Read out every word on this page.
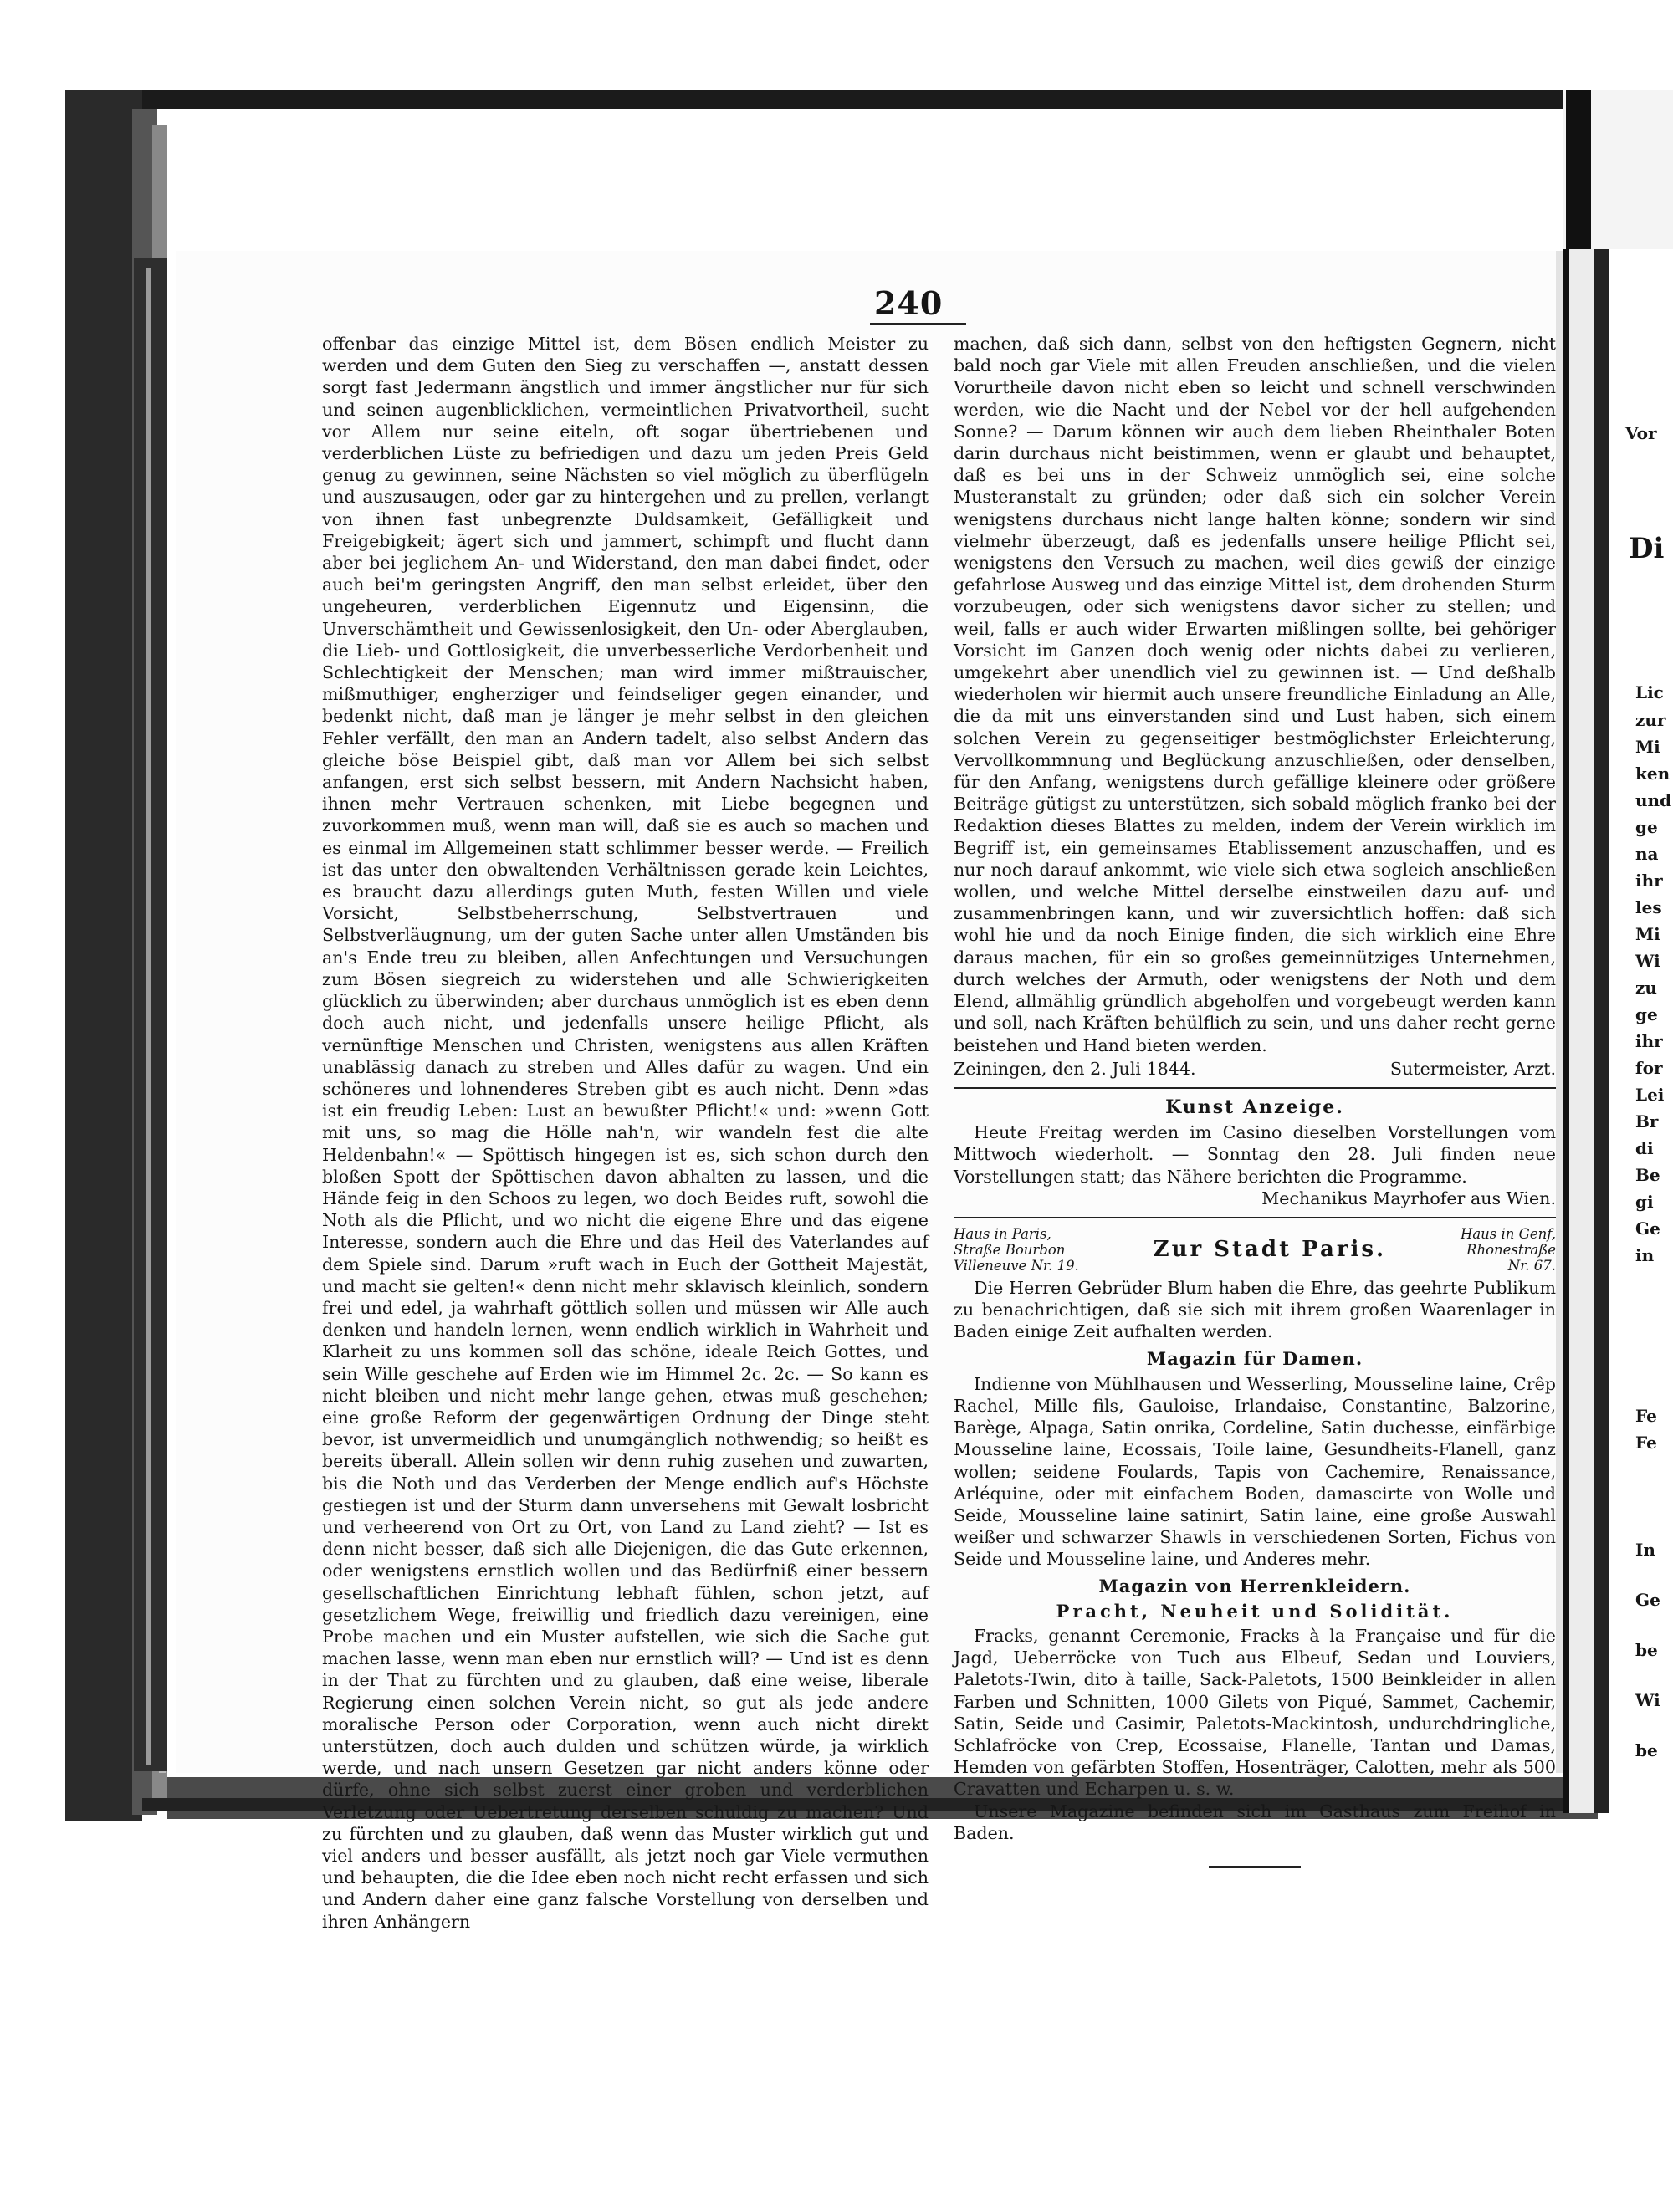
240

offenbar das einzige Mittel ist, dem Bösen endlich Meister zu werden und dem Guten den Sieg zu verschaffen —, anstatt dessen sorgt fast Jedermann ängstlich und immer ängstlicher nur für sich und seinen augenblicklichen, vermeintlichen Privatvortheil, sucht vor Allem nur seine eiteln, oft sogar übertriebenen und verderblichen Lüste zu befriedigen und dazu um jeden Preis Geld genug zu gewinnen, seine Nächsten so viel möglich zu überflügeln und auszusaugen, oder gar zu hintergehen und zu prellen, verlangt von ihnen fast unbegrenzte Duldsamkeit, Gefälligkeit und Freigebigkeit; ägert sich und jammert, schimpft und flucht dann aber bei jeglichem An- und Widerstand, den man dabei findet, oder auch bei'm geringsten Angriff, den man selbst erleidet, über den ungeheuren, verderblichen Eigennutz und Eigensinn, die Unverschämtheit und Gewissenlosigkeit, den Un- oder Aberglauben, die Lieb- und Gottlosigkeit, die unverbesserliche Verdorbenheit und Schlechtigkeit der Menschen; man wird immer mißtrauischer, mißmuthiger, engherziger und feindseliger gegen einander, und bedenkt nicht, daß man je länger je mehr selbst in den gleichen Fehler verfällt, den man an Andern tadelt, also selbst Andern das gleiche böse Beispiel gibt, daß man vor Allem bei sich selbst anfangen, erst sich selbst bessern, mit Andern Nachsicht haben, ihnen mehr Vertrauen schenken, mit Liebe begegnen und zuvorkommen muß, wenn man will, daß sie es auch so machen und es einmal im Allgemeinen statt schlimmer besser werde. — Freilich ist das unter den obwaltenden Verhältnissen gerade kein Leichtes, es braucht dazu allerdings guten Muth, festen Willen und viele Vorsicht, Selbstbeherrschung, Selbstvertrauen und Selbstverläugnung, um der guten Sache unter allen Umständen bis an's Ende treu zu bleiben, allen Anfechtungen und Versuchungen zum Bösen siegreich zu widerstehen und alle Schwierigkeiten glücklich zu überwinden; aber durchaus unmöglich ist es eben denn doch auch nicht, und jedenfalls unsere heilige Pflicht, als vernünftige Menschen und Christen, wenigstens aus allen Kräften unablässig danach zu streben und Alles dafür zu wagen. Und ein schöneres und lohnenderes Streben gibt es auch nicht. Denn »das ist ein freudig Leben: Lust an bewußter Pflicht!« und: »wenn Gott mit uns, so mag die Hölle nah'n, wir wandeln fest die alte Heldenbahn!« — Spöttisch hingegen ist es, sich schon durch den bloßen Spott der Spöttischen davon abhalten zu lassen, und die Hände feig in den Schoos zu legen, wo doch Beides ruft, sowohl die Noth als die Pflicht, und wo nicht die eigene Ehre und das eigene Interesse, sondern auch die Ehre und das Heil des Vaterlandes auf dem Spiele sind. Darum »ruft wach in Euch der Gottheit Majestät, und macht sie gelten!« denn nicht mehr sklavisch kleinlich, sondern frei und edel, ja wahrhaft göttlich sollen und müssen wir Alle auch denken und handeln lernen, wenn endlich wirklich in Wahrheit und Klarheit zu uns kommen soll das schöne, ideale Reich Gottes, und sein Wille geschehe auf Erden wie im Himmel 2c. 2c. — So kann es nicht bleiben und nicht mehr lange gehen, etwas muß geschehen; eine große Reform der gegenwärtigen Ordnung der Dinge steht bevor, ist unvermeidlich und unumgänglich nothwendig; so heißt es bereits überall. Allein sollen wir denn ruhig zusehen und zuwarten, bis die Noth und das Verderben der Menge endlich auf's Höchste gestiegen ist und der Sturm dann unversehens mit Gewalt losbricht und verheerend von Ort zu Ort, von Land zu Land zieht? — Ist es denn nicht besser, daß sich alle Diejenigen, die das Gute erkennen, oder wenigstens ernstlich wollen und das Bedürfniß einer bessern gesellschaftlichen Einrichtung lebhaft fühlen, schon jetzt, auf gesetzlichem Wege, freiwillig und friedlich dazu vereinigen, eine Probe machen und ein Muster aufstellen, wie sich die Sache gut machen lasse, wenn man eben nur ernstlich will? — Und ist es denn in der That zu fürchten und zu glauben, daß eine weise, liberale Regierung einen solchen Verein nicht, so gut als jede andere moralische Person oder Corporation, wenn auch nicht direkt unterstützen, doch auch dulden und schützen würde, ja wirklich werde, und nach unsern Gesetzen gar nicht anders könne oder dürfe, ohne sich selbst zuerst einer groben und verderblichen Verletzung oder Uebertretung derselben schuldig zu machen? Und zu fürchten und zu glauben, daß wenn das Muster wirklich gut und viel anders und besser ausfällt, als jetzt noch gar Viele vermuthen und behaupten, die die Idee eben noch nicht recht erfassen und sich und Andern daher eine ganz falsche Vorstellung von derselben und ihren Anhängern

machen, daß sich dann, selbst von den heftigsten Gegnern, nicht bald noch gar Viele mit allen Freuden anschließen, und die vielen Vorurtheile davon nicht eben so leicht und schnell verschwinden werden, wie die Nacht und der Nebel vor der hell aufgehenden Sonne? — Darum können wir auch dem lieben Rheinthaler Boten darin durchaus nicht beistimmen, wenn er glaubt und behauptet, daß es bei uns in der Schweiz unmöglich sei, eine solche Musteranstalt zu gründen; oder daß sich ein solcher Verein wenigstens durchaus nicht lange halten könne; sondern wir sind vielmehr überzeugt, daß es jedenfalls unsere heilige Pflicht sei, wenigstens den Versuch zu machen, weil dies gewiß der einzige gefahrlose Ausweg und das einzige Mittel ist, dem drohenden Sturm vorzubeugen, oder sich wenigstens davor sicher zu stellen; und weil, falls er auch wider Erwarten mißlingen sollte, bei gehöriger Vorsicht im Ganzen doch wenig oder nichts dabei zu verlieren, umgekehrt aber unendlich viel zu gewinnen ist. — Und deßhalb wiederholen wir hiermit auch unsere freundliche Einladung an Alle, die da mit uns einverstanden sind und Lust haben, sich einem solchen Verein zu gegenseitiger bestmöglichster Erleichterung, Vervollkommnung und Beglückung anzuschließen, oder denselben, für den Anfang, wenigstens durch gefällige kleinere oder größere Beiträge gütigst zu unterstützen, sich sobald möglich franko bei der Redaktion dieses Blattes zu melden, indem der Verein wirklich im Begriff ist, ein gemeinsames Etablissement anzuschaffen, und es nur noch darauf ankommt, wie viele sich etwa sogleich anschließen wollen, und welche Mittel derselbe einstweilen dazu auf- und zusammenbringen kann, und wir zuversichtlich hoffen: daß sich wohl hie und da noch Einige finden, die sich wirklich eine Ehre daraus machen, für ein so großes gemeinnütziges Unternehmen, durch welches der Armuth, oder wenigstens der Noth und dem Elend, allmählig gründlich abgeholfen und vorgebeugt werden kann und soll, nach Kräften behülflich zu sein, und uns daher recht gerne beistehen und Hand bieten werden.

Zeiningen, den 2. Juli 1844.	Sutermeister, Arzt.
Kunst Anzeige.

Heute Freitag werden im Casino dieselben Vorstellungen vom Mittwoch wiederholt. — Sonntag den 28. Juli finden neue Vorstellungen statt; das Nähere berichten die Programme.

Mechanikus Mayrhofer aus Wien.
Haus in Paris,
Straße Bourbon
Villeneuve Nr. 19.
Zur Stadt Paris.
Haus in Genf,
Rhonestraße
Nr. 67.

Die Herren Gebrüder Blum haben die Ehre, das geehrte Publikum zu benachrichtigen, daß sie sich mit ihrem großen Waarenlager in Baden einige Zeit aufhalten werden.

Magazin für Damen.

Indienne von Mühlhausen und Wesserling, Mousseline laine, Crêp Rachel, Mille fils, Gauloise, Irlandaise, Constantine, Balzorine, Barège, Alpaga, Satin onrika, Cordeline, Satin duchesse, einfärbige Mousseline laine, Ecossais, Toile laine, Gesundheits-Flanell, ganz wollen; seidene Foulards, Tapis von Cachemire, Renaissance, Arléquine, oder mit einfachem Boden, damascirte von Wolle und Seide, Mousseline laine satinirt, Satin laine, eine große Auswahl weißer und schwarzer Shawls in verschiedenen Sorten, Fichus von Seide und Mousseline laine, und Anderes mehr.

Magazin von Herrenkleidern.
Pracht, Neuheit und Solidität.

Fracks, genannt Ceremonie, Fracks à la Française und für die Jagd, Ueberröcke von Tuch aus Elbeuf, Sedan und Louviers, Paletots-Twin, dito à taille, Sack-Paletots, 1500 Beinkleider in allen Farben und Schnitten, 1000 Gilets von Piqué, Sammet, Cachemir, Satin, Seide und Casimir, Paletots-Mackintosh, undurchdringliche, Schlafröcke von Crep, Ecossaise, Flanelle, Tantan und Damas, Hemden von gefärbten Stoffen, Hosenträger, Calotten, mehr als 500 Cravatten und Echarpen u. s. w.

Unsere Magazine befinden sich im Gasthaus zum Freihof in Baden.

Vor
Di
Lic
zur
Mi
ken
und
ge
na
ihr
les
Mi
Wi
zu
ge
ihr
for
Lei
Br
di
Be
gi
Ge
in
Fe
Fe
In
Ge
be
Wi
be
